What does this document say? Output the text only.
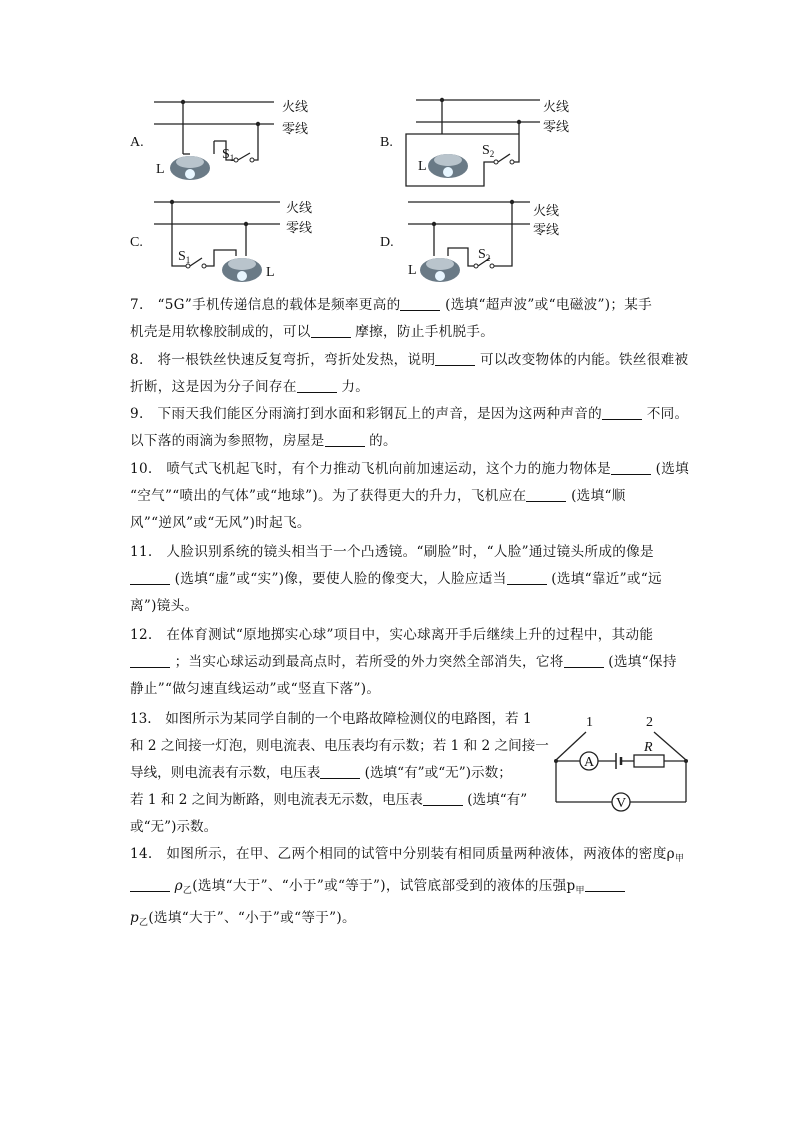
A.
L
$S_1$
火线
零线
B.
L
$S_2$
火线
零线
C.
L
$S_1$
火线
零线
D.
L
$S_2$
火线
零线

7.　“5G”手机传递信息的载体是频率更高的	(选填“超声波”或“电磁波”)；某手

机壳是用软橡胶制成的，可以	摩擦，防止手机脱手。

8.　将一根铁丝快速反复弯折，弯折处发热，说明	可以改变物体的内能。铁丝很难被

折断，这是因为分子间存在	力。

9.　下雨天我们能区分雨滴打到水面和彩钢瓦上的声音，是因为这两种声音的	不同。

以下落的雨滴为参照物，房屋是	的。

10.　喷气式飞机起飞时，有个力推动飞机向前加速运动，这个力的施力物体是	(选填

“空气”“喷出的气体”或“地球”)。为了获得更大的升力，飞机应在	(选填“顺

风”“逆风”或“无风”)时起飞。

11.　人脸识别系统的镜头相当于一个凸透镜。“刷脸”时，“人脸”通过镜头所成的像是

(选填“虚”或“实”)像，要使人脸的像变大，人脸应适当	(选填“靠近”或“远

离”)镜头。

12.　在体育测试“原地掷实心球”项目中，实心球离开手后继续上升的过程中，其动能

；当实心球运动到最高点时，若所受的外力突然全部消失，它将	(选填“保持

静止”“做匀速直线运动”或“竖直下落”)。

13.　如图所示为某同学自制的一个电路故障检测仪的电路图，若 1

和 2 之间接一灯泡，则电流表、电压表均有示数；若 1 和 2 之间接一

导线，则电流表有示数，电压表	(选填“有”或“无”)示数；

若 1 和 2 之间为断路，则电流表无示数，电压表	(选填“有”

或“无”)示数。

1	2
A
R
V

14.　如图所示，在甲、乙两个相同的试管中分别装有相同质量两种液体，两液体的密度$\rho_甲$

$\rho_乙$(选填“大于”、“小于”或“等于”)，试管底部受到的液体的压强$p_甲$

$p_乙$(选填“大于”、“小于”或“等于”)。
